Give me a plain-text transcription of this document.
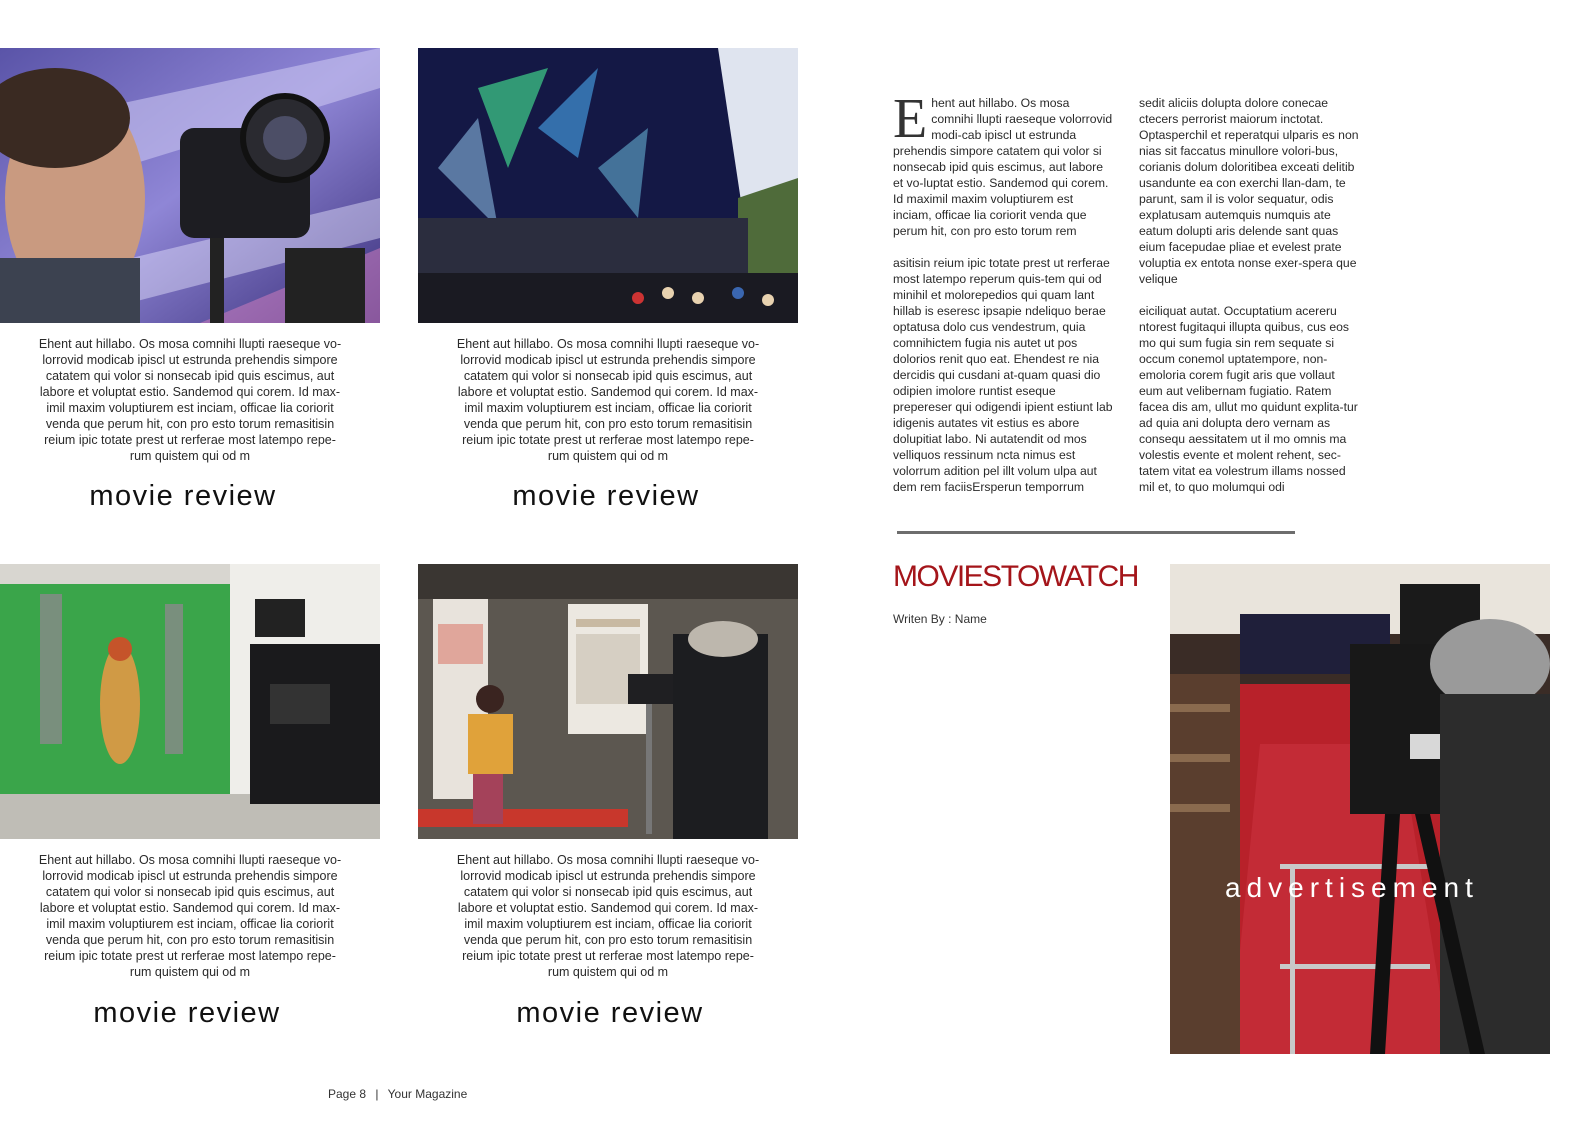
Ehent aut hillabo. Os mosa comnihi llupti raeseque vo-lorrovid modicab ipiscl ut estrunda prehendis simpore catatem qui volor si nonsecab ipid quis escimus, aut labore et voluptat estio. Sandemod qui corem. Id max-imil maxim voluptiurem est inciam, officae lia coriorit venda que perum hit, con pro esto torum remasitisin reium ipic totate prest ut rerferae most latempo repe-rum quistem qui od m
movie review
Ehent aut hillabo. Os mosa comnihi llupti raeseque vo-lorrovid modicab ipiscl ut estrunda prehendis simpore catatem qui volor si nonsecab ipid quis escimus, aut labore et voluptat estio. Sandemod qui corem. Id max-imil maxim voluptiurem est inciam, officae lia coriorit venda que perum hit, con pro esto torum remasitisin reium ipic totate prest ut rerferae most latempo repe-rum quistem qui od m
movie review
Ehent aut hillabo. Os mosa comnihi llupti raeseque vo-lorrovid modicab ipiscl ut estrunda prehendis simpore catatem qui volor si nonsecab ipid quis escimus, aut labore et voluptat estio. Sandemod qui corem. Id max-imil maxim voluptiurem est inciam, officae lia coriorit venda que perum hit, con pro esto torum remasitisin reium ipic totate prest ut rerferae most latempo repe-rum quistem qui od m
movie review
Ehent aut hillabo. Os mosa comnihi llupti raeseque vo-lorrovid modicab ipiscl ut estrunda prehendis simpore catatem qui volor si nonsecab ipid quis escimus, aut labore et voluptat estio. Sandemod qui corem. Id max-imil maxim voluptiurem est inciam, officae lia coriorit venda que perum hit, con pro esto torum remasitisin reium ipic totate prest ut rerferae most latempo repe-rum quistem qui od m
movie review

Ehent aut hillabo. Os mosa comnihi llupti raeseque volorrovid modi-cab ipiscl ut estrunda prehendis simpore catatem qui volor si nonsecab ipid quis escimus, aut labore et vo-luptat estio. Sandemod qui corem. Id maximil maxim voluptiurem est inciam, officae lia coriorit venda que perum hit, con pro esto torum rem

asitisin reium ipic totate prest ut rerferae most latempo reperum quis-tem qui od minihil et molorepedios qui quam lant hillab is eseresc ipsapie ndeliquo berae optatusa dolo cus vendestrum, quia comnihictem fugia nis autet ut pos dolorios renit quo eat. Ehendest re nia dercidis qui cusdani at-quam quasi dio odipien imolore runtist eseque prepereser qui odigendi ipient estiunt lab idigenis autates vit estius es abore dolupitiat labo. Ni autatendit od mos velliquos ressinum ncta nimus est volorrum adition pel illt volum ulpa aut dem rem faciisErsperun temporrum

sedit aliciis dolupta dolore conecae ctecers perrorist maiorum inctotat. Optasperchil et reperatqui ulparis es non nias sit faccatus minullore volori-bus, corianis dolum doloritibea exceati delitib usandunte ea con exerchi llan-dam, te parunt, sam il is volor sequatur, odis explatusam autemquis numquis ate eatum dolupti aris delende sant quas eium facepudae pliae et evelest prate voluptia ex entota nonse exer-spera que velique

eiciliquat autat. Occuptatium acereru ntorest fugitaqui illupta quibus, cus eos mo qui sum fugia sin rem sequate si occum conemol uptatempore, non-emoloria corem fugit aris que vollaut eum aut velibernam fugiatio. Ratem facea dis am, ullut mo quidunt explita-tur ad quia ani dolupta dero vernam as consequ aessitatem ut il mo omnis ma volestis evente et molent rehent, sec-tatem vitat ea volestrum illams nossed mil et, to quo molumqui odi

MOVIESTOWATCH
Writen By : Name
advertisement
Page 8 | Your Magazine
